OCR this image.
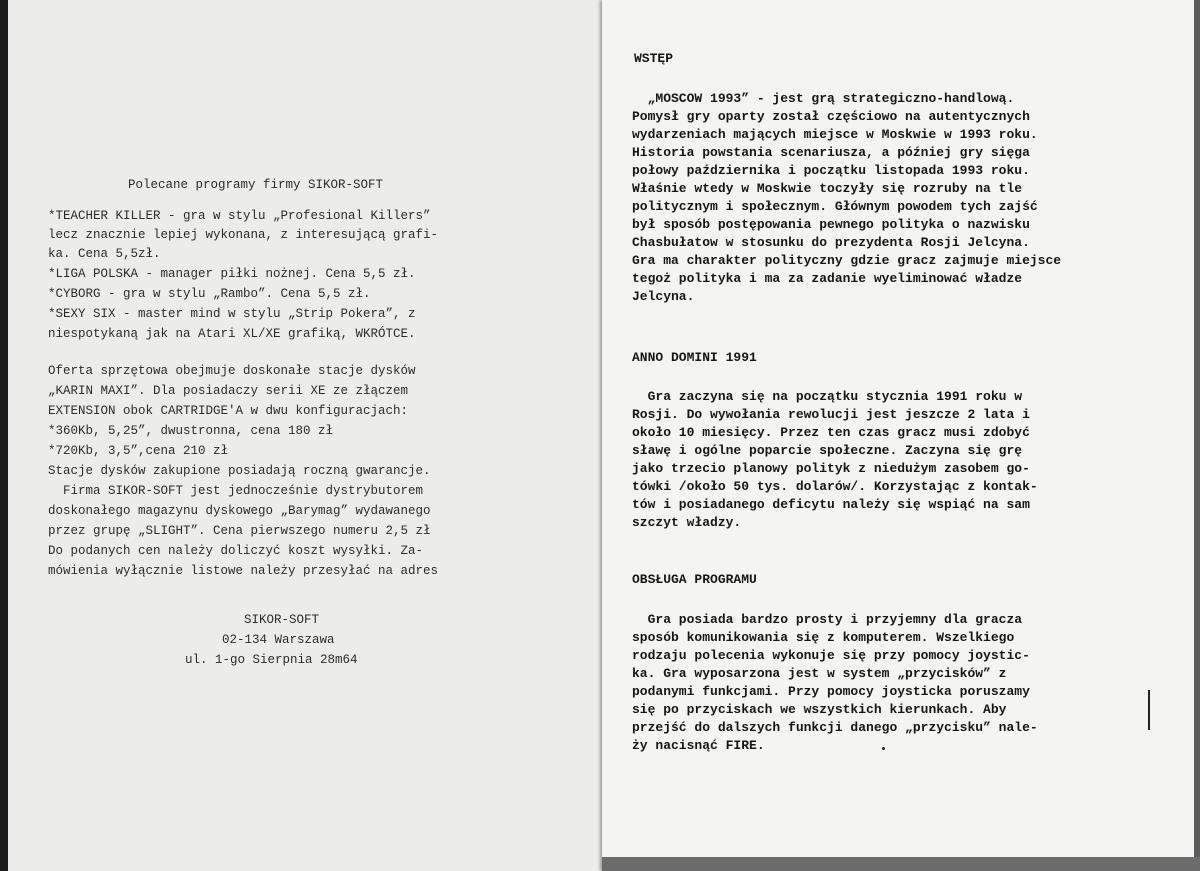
Polecane programy firmy SIKOR-SOFT
*TEACHER KILLER - gra w stylu „Profesional Killers”
lecz znacznie lepiej wykonana, z interesującą grafi-
ka. Cena 5,5zł.
*LIGA POLSKA - manager piłki nożnej. Cena 5,5 zł.
*CYBORG - gra w stylu „Rambo”. Cena 5,5 zł.
*SEXY SIX - master mind w stylu „Strip Pokera”, z
niespotykaną jak na Atari XL/XE grafiką, WKRÓTCE.
Oferta sprzętowa obejmuje doskonałe stacje dysków
„KARIN MAXI”. Dla posiadaczy serii XE ze złączem
EXTENSION obok CARTRIDGE'A w dwu konfiguracjach:
*360Kb, 5,25”, dwustronna, cena 180 zł
*720Kb, 3,5”,cena 210 zł
Stacje dysków zakupione posiadają roczną gwarancje.
Firma SIKOR-SOFT jest jednocześnie dystrybutorem
doskonałego magazynu dyskowego „Barymag” wydawanego
przez grupę „SLIGHT”. Cena pierwszego numeru 2,5 zł
Do podanych cen należy doliczyć koszt wysyłki. Za-
mówienia wyłącznie listowe należy przesyłać na adres
SIKOR-SOFT
02-134 Warszawa
ul. 1-go Sierpnia 28m64
WSTĘP
„MOSCOW 1993” - jest grą strategiczno-handlową.
Pomysł gry oparty został częściowo na autentycznych
wydarzeniach mających miejsce w Moskwie w 1993 roku.
Historia powstania scenariusza, a później gry sięga
połowy października i początku listopada 1993 roku.
Właśnie wtedy w Moskwie toczyły się rozruby na tle
politycznym i społecznym. Głównym powodem tych zajść
był sposób postępowania pewnego polityka o nazwisku
Chasbułatow w stosunku do prezydenta Rosji Jelcyna.
Gra ma charakter polityczny gdzie gracz zajmuje miejsce
tegoż polityka i ma za zadanie wyeliminować władze
Jelcyna.
ANNO DOMINI 1991
Gra zaczyna się na początku stycznia 1991 roku w
Rosji. Do wywołania rewolucji jest jeszcze 2 lata i
około 10 miesięcy. Przez ten czas gracz musi zdobyć
sławę i ogólne poparcie społeczne. Zaczyna się grę
jako trzecio planowy polityk z niedużym zasobem go-
tówki /około 50 tys. dolarów/. Korzystając z kontak-
tów i posiadanego deficytu należy się wspiąć na sam
szczyt władzy.
OBSŁUGA PROGRAMU
Gra posiada bardzo prosty i przyjemny dla gracza
sposób komunikowania się z komputerem. Wszelkiego
rodzaju polecenia wykonuje się przy pomocy joystic-
ka. Gra wyposarzona jest w system „przycisków” z
podanymi funkcjami. Przy pomocy joysticka poruszamy
się po przyciskach we wszystkich kierunkach. Aby
przejść do dalszych funkcji danego „przycisku” nale-
ży nacisnąć FIRE.
